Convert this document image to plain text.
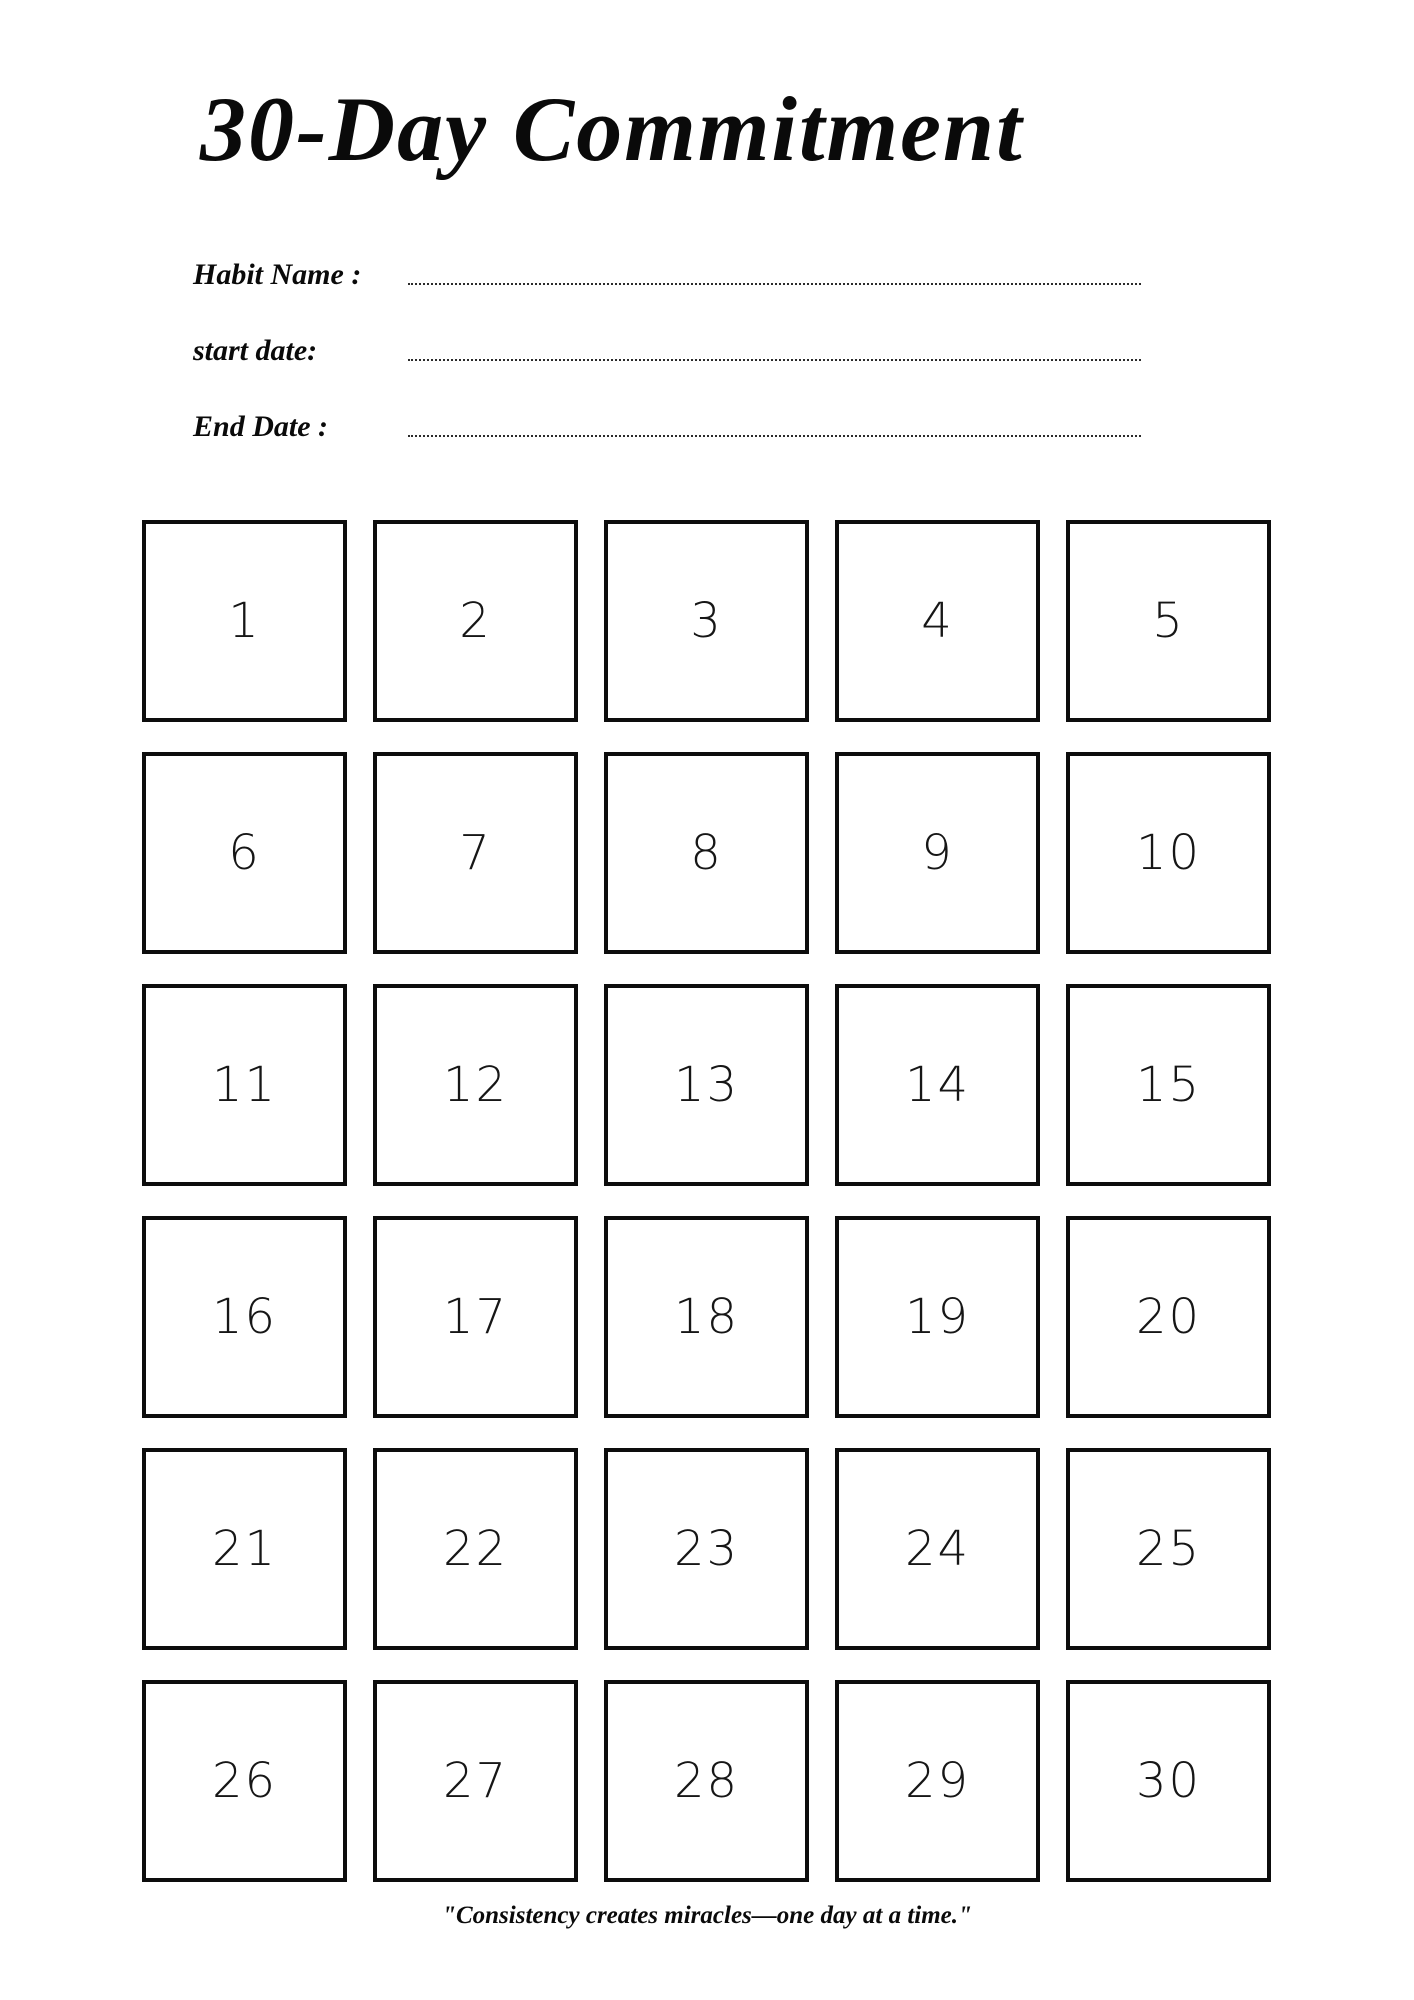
30-Day Commitment
Habit Name :
start date:
End Date :
1	2	3	4	5
6	7	8	9	10
11	12	13	14	15
16	17	18	19	20
21	22	23	24	25
26	27	28	29	30

"Consistency creates miracles—one day at a time."
